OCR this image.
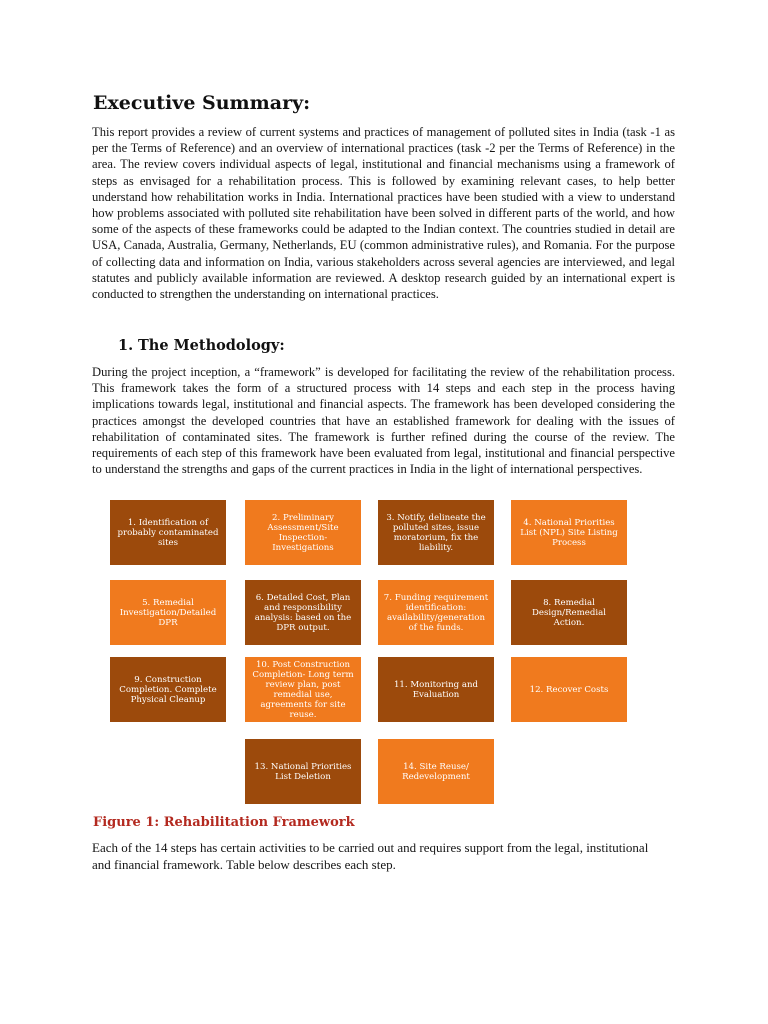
Executive Summary:

This report provides a review of current systems and practices of management of polluted sites in India (task -1 as per the Terms of Reference) and an overview of international practices (task -2 per the Terms of Reference) in the area. The review covers individual aspects of legal, institutional and financial mechanisms using a framework of steps as envisaged for a rehabilitation process. This is followed by examining relevant cases, to help better understand how rehabilitation works in India. International practices have been studied with a view to understand how problems associated with polluted site rehabilitation have been solved in different parts of the world, and how some of the aspects of these frameworks could be adapted to the Indian context. The countries studied in detail are USA, Canada, Australia, Germany, Netherlands, EU (common administrative rules), and Romania. For the purpose of collecting data and information on India, various stakeholders across several agencies are interviewed, and legal statutes and publicly available information are reviewed. A desktop research guided by an international expert is conducted to strengthen the understanding on international practices.

1. The Methodology:

During the project inception, a “framework” is developed for facilitating the review of the rehabilitation process. This framework takes the form of a structured process with 14 steps and each step in the process having implications towards legal, institutional and financial aspects. The framework has been developed considering the practices amongst the developed countries that have an established framework for dealing with the issues of rehabilitation of contaminated sites. The framework is further refined during the course of the review. The requirements of each step of this framework have been evaluated from legal, institutional and financial perspective to understand the strengths and gaps of the current practices in India in the light of international perspectives.

1. Identification of probably contaminated sites
2. Preliminary Assessment/Site Inspection-Investigations
3. Notify, delineate the polluted sites, issue moratorium, fix the liability.
4. National Priorities List (NPL) Site Listing Process
5. Remedial Investigation/Detailed DPR
6. Detailed Cost, Plan and responsibility analysis: based on the DPR output.
7. Funding requirement identification: availability/generation of the funds.
8. Remedial Design/Remedial Action.
9. Construction Completion. Complete Physical Cleanup
10. Post Construction Completion- Long term review plan, post remedial use, agreements for site reuse.
11. Monitoring and Evaluation	12. Recover Costs
13. National Priorities List Deletion
14. Site Reuse/ Redevelopment

Figure 1: Rehabilitation Framework

Each of the 14 steps has certain activities to be carried out and requires support from the legal, institutional and financial framework. Table below describes each step.
